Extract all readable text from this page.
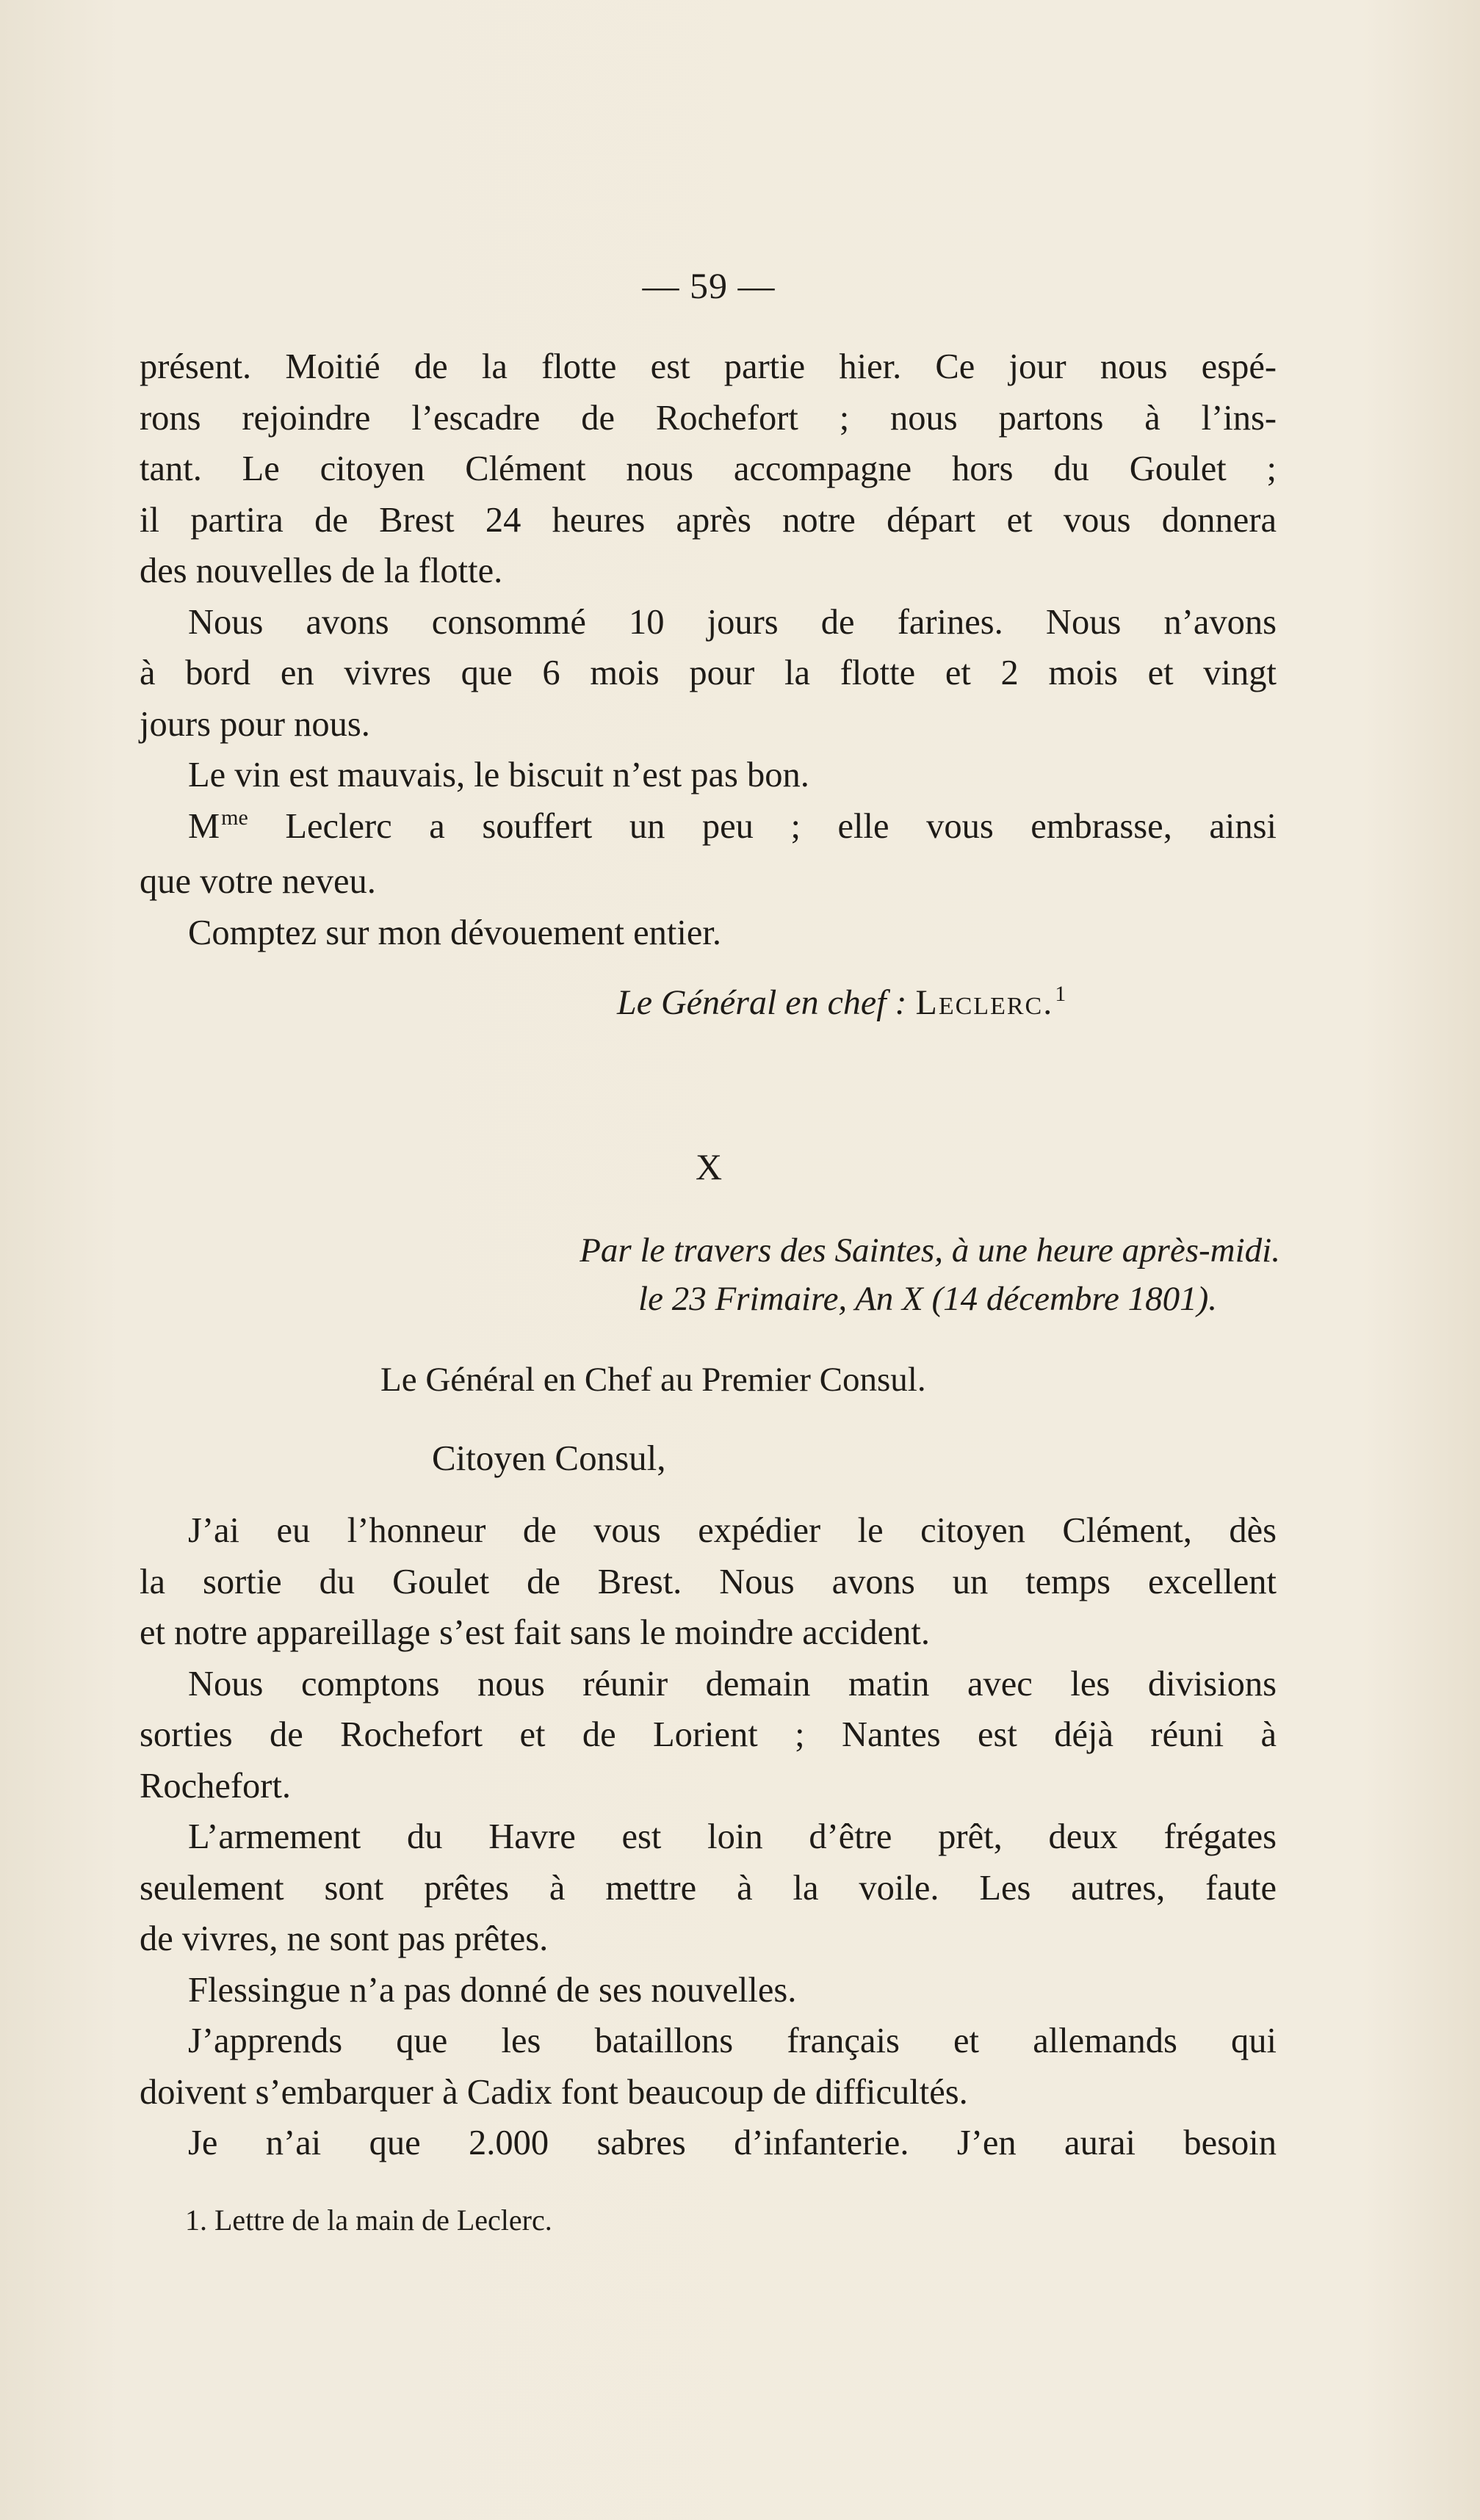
— 59 —
présent. Moitié de la flotte est partie hier. Ce jour nous espé-
rons rejoindre l’escadre de Rochefort ; nous partons à l’ins-
tant. Le citoyen Clément nous accompagne hors du Goulet ;
il partira de Brest 24 heures après notre départ et vous donnera
des nouvelles de la flotte.
Nous avons consommé 10 jours de farines. Nous n’avons
à bord en vivres que 6 mois pour la flotte et 2 mois et vingt
jours pour nous.
Le vin est mauvais, le biscuit n’est pas bon.
$M^{me}$ Leclerc a souffert un peu ; elle vous embrasse, ainsi
que votre neveu.
Comptez sur mon dévouement entier.
Le Général en chef : Leclerc.$^1$
X
Par le travers des Saintes, à une heure après-midi.
le 23 Frimaire, An X (14 décembre 1801).
Le Général en Chef au Premier Consul.
Citoyen Consul,
J’ai eu l’honneur de vous expédier le citoyen Clément, dès
la sortie du Goulet de Brest. Nous avons un temps excellent
et notre appareillage s’est fait sans le moindre accident.
Nous comptons nous réunir demain matin avec les divisions
sorties de Rochefort et de Lorient ; Nantes est déjà réuni à
Rochefort.
L’armement du Havre est loin d’être prêt, deux frégates
seulement sont prêtes à mettre à la voile. Les autres, faute
de vivres, ne sont pas prêtes.
Flessingue n’a pas donné de ses nouvelles.
J’apprends que les bataillons français et allemands qui
doivent s’embarquer à Cadix font beaucoup de difficultés.
Je n’ai que 2.000 sabres d’infanterie. J’en aurai besoin
1. Lettre de la main de Leclerc.
